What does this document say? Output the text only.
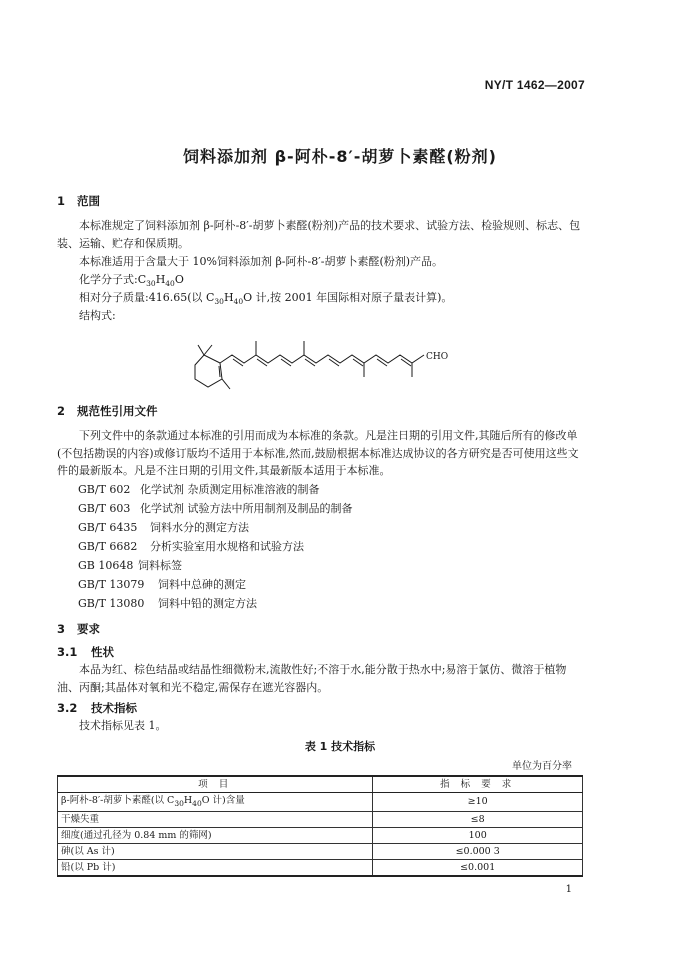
NY/T 1462—2007
饲料添加剂 β-阿朴-8′-胡萝卜素醛(粉剂)
1 范围
本标准规定了饲料添加剂 β-阿朴-8′-胡萝卜素醛(粉剂)产品的技术要求、试验方法、检验规则、标志、包装、运输、贮存和保质期。
本标准适用于含量大于 10%饲料添加剂 β-阿朴-8′-胡萝卜素醛(粉剂)产品。
化学分子式$:C_{30}H_{40}O$
相对分子质量:416.65(以 $C_{30}H_{40}O$ 计,按 2001 年国际相对原子量表计算)。
结构式:
CHO
2 规范性引用文件
下列文件中的条款通过本标准的引用而成为本标准的条款。凡是注日期的引用文件,其随后所有的修改单(不包括勘误的内容)或修订版均不适用于本标准,然而,鼓励根据本标准达成协议的各方研究是否可使用这些文件的最新版本。凡是不注日期的引用文件,其最新版本适用于本标准。
GB/T 602 化学试剂 杂质测定用标准溶液的制备
GB/T 603 化学试剂 试验方法中所用制剂及制品的制备
GB/T 6435 饲料水分的测定方法
GB/T 6682 分析实验室用水规格和试验方法
GB 10648 饲料标签
GB/T 13079 饲料中总砷的测定
GB/T 13080 饲料中铅的测定方法
3 要求
3.1 性状
本品为红、棕色结晶或结晶性细微粉末,流散性好;不溶于水,能分散于热水中;易溶于氯仿、微溶于植物油、丙酮;其晶体对氧和光不稳定,需保存在遮光容器内。
3.2 技术指标
技术指标见表 1。
表 1 技术指标
单位为百分率
项 目	指 标 要 求
β-阿朴-8′-胡萝卜素醛(以 $C_{30}H_{40}O$ 计)含量	≥10
干燥失重	≤8
细度(通过孔径为 0.84 mm 的筛网)	100
砷(以 As 计)	≤0.000 3
铅(以 Pb 计)	≤0.001
1
